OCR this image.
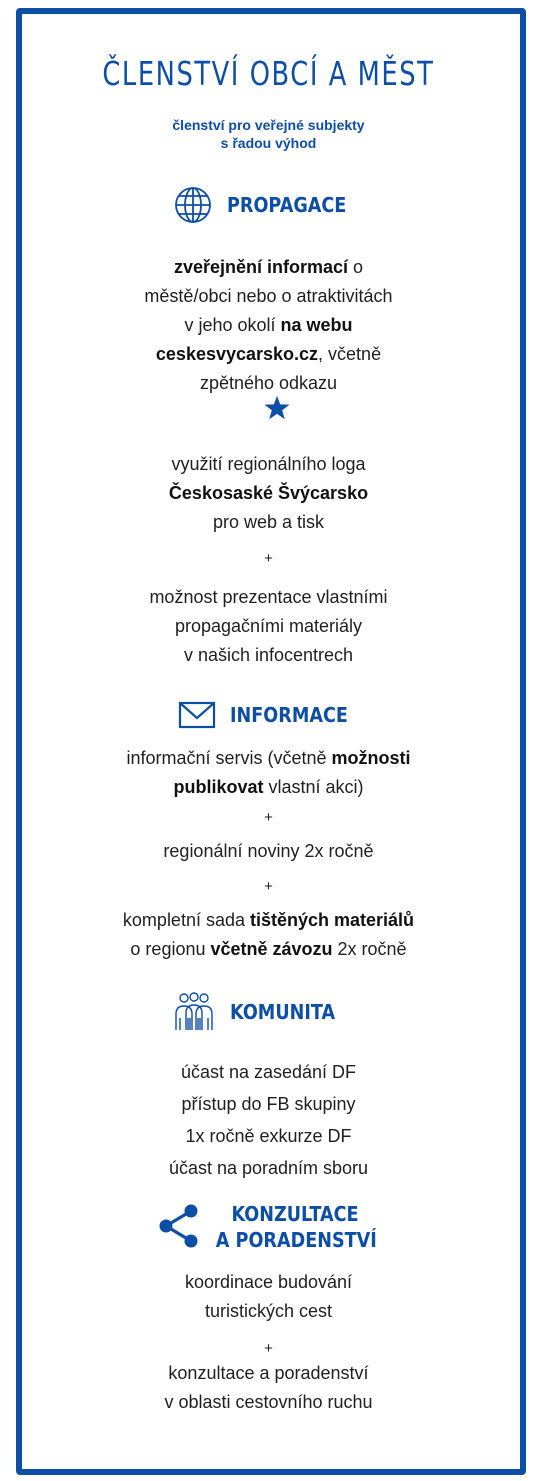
ČLENSTVÍ OBCÍ A MĚST
členství pro veřejné subjekty
s řadou výhod
PROPAGACE
zveřejnění informací o
městě/obci nebo o atraktivitách
v jeho okolí na webu
ceskesvycarsko.cz, včetně
zpětného odkazu
využití regionálního loga
Českosaské Švýcarsko
pro web a tisk
+
možnost prezentace vlastními
propagačními materiály
v našich infocentrech
INFORMACE
informační servis (včetně možnosti
publikovat vlastní akci)
+
regionální noviny 2x ročně
+
kompletní sada tištěných materiálů
o regionu včetně závozu 2x ročně
KOMUNITA
účast na zasedání DF
přístup do FB skupiny
1x ročně exkurze DF
účast na poradním sboru
KONZULTACE
A PORADENSTVÍ
koordinace budování
turistických cest
+
konzultace a poradenství
v oblasti cestovního ruchu
